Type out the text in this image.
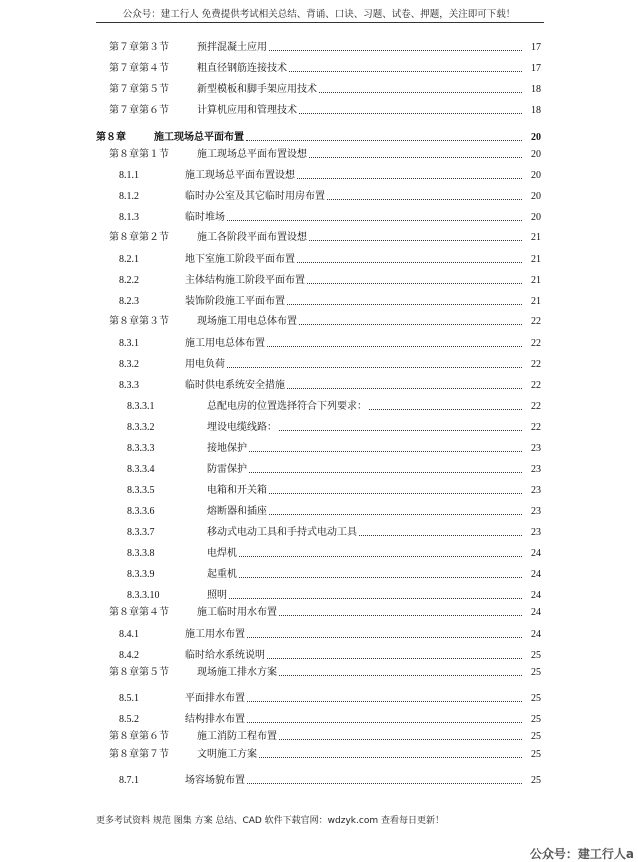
公众号：建工行人 免费提供考试相关总结、背诵、口诀、习题、试卷、押题，关注即可下载！
第７章第３节	预拌混凝土应用	17
第７章第４节	粗直径钢筋连接技术	17
第７章第５节	新型模板和脚手架应用技术	18
第７章第６节	计算机应用和管理技术	18
第８章	施工现场总平面布置	20
第８章第１节	施工现场总平面布置设想	20
8.1.1	施工现场总平面布置设想	20
8.1.2	临时办公室及其它临时用房布置	20
8.1.3	临时堆场	20
第８章第２节	施工各阶段平面布置设想	21
8.2.1	地下室施工阶段平面布置	21
8.2.2	主体结构施工阶段平面布置	21
8.2.3	装饰阶段施工平面布置	21
第８章第３节	现场施工用电总体布置	22
8.3.1	施工用电总体布置	22
8.3.2	用电负荷	22
8.3.3	临时供电系统安全措施	22
8.3.3.1	总配电房的位置选择符合下列要求：	22
8.3.3.2	埋设电缆线路：	22
8.3.3.3	接地保护	23
8.3.3.4	防雷保护	23
8.3.3.5	电箱和开关箱	23
8.3.3.6	熔断器和插座	23
8.3.3.7	移动式电动工具和手持式电动工具	23
8.3.3.8	电焊机	24
8.3.3.9	起重机	24
8.3.3.10	照明	24
第８章第４节	施工临时用水布置	24
8.4.1	施工用水布置	24
8.4.2	临时给水系统说明	25
第８章第５节	现场施工排水方案	25
8.5.1	平面排水布置	25
8.5.2	结构排水布置	25
第８章第６节	施工消防工程布置	25
第８章第７节	文明施工方案	25
8.7.1	场容场貌布置	25
更多考试资料 规范 图集 方案 总结、CAD 软件下载官网：wdzyk.com 查看每日更新！
公众号：建工行人a
